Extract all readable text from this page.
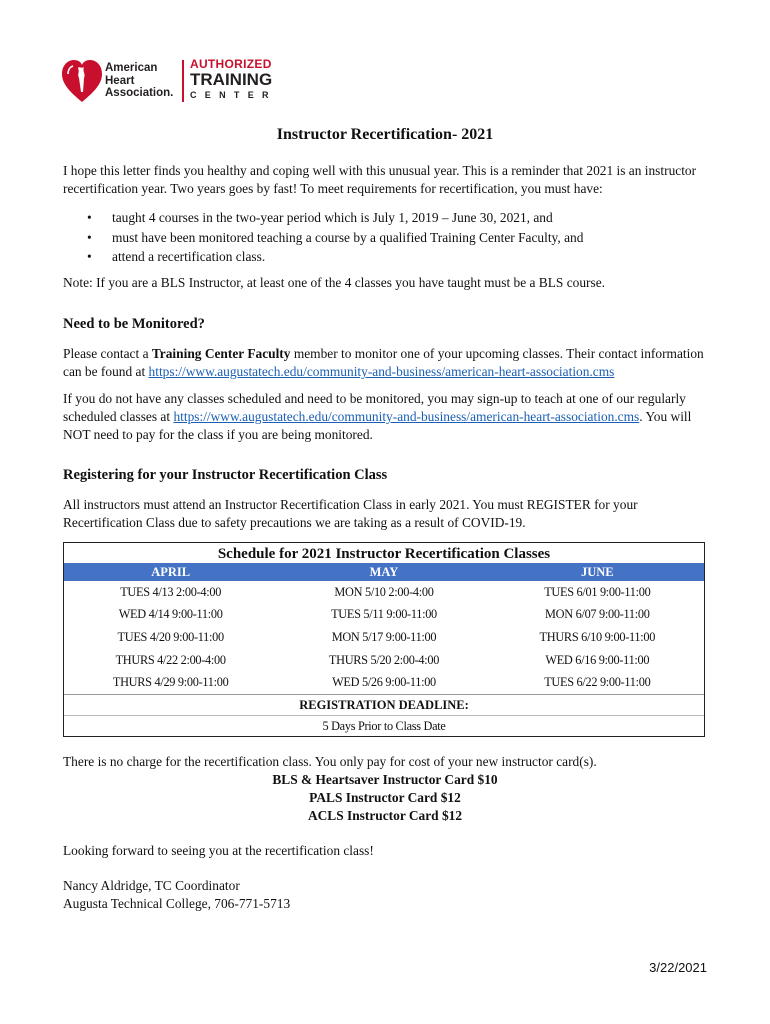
American
Heart
Association.
AUTHORIZED
TRAINING
CENTER
Instructor Recertification- 2021
I hope this letter finds you healthy and coping well with this unusual year. This is a reminder that 2021 is an instructor recertification year. Two years goes by fast! To meet requirements for recertification, you must have:
• taught 4 courses in the two-year period which is July 1, 2019 – June 30, 2021, and
• must have been monitored teaching a course by a qualified Training Center Faculty, and
• attend a recertification class.
Note: If you are a BLS Instructor, at least one of the 4 classes you have taught must be a BLS course.
Need to be Monitored?
Please contact a Training Center Faculty member to monitor one of your upcoming classes. Their contact information can be found at https://www.augustatech.edu/community-and-business/american-heart-association.cms
If you do not have any classes scheduled and need to be monitored, you may sign-up to teach at one of our regularly scheduled classes at https://www.augustatech.edu/community-and-business/american-heart-association.cms. You will NOT need to pay for the class if you are being monitored.
Registering for your Instructor Recertification Class
All instructors must attend an Instructor Recertification Class in early 2021. You must REGISTER for your Recertification Class due to safety precautions we are taking as a result of COVID-19.
Schedule for 2021 Instructor Recertification Classes
APRIL	MAY	JUNE
TUES 4/13 2:00-4:00	MON 5/10 2:00-4:00	TUES 6/01 9:00-11:00
WED 4/14 9:00-11:00	TUES 5/11 9:00-11:00	MON 6/07 9:00-11:00
TUES 4/20 9:00-11:00	MON 5/17 9:00-11:00	THURS 6/10 9:00-11:00
THURS 4/22 2:00-4:00	THURS 5/20 2:00-4:00	WED 6/16 9:00-11:00
THURS 4/29 9:00-11:00	WED 5/26 9:00-11:00	TUES 6/22 9:00-11:00
REGISTRATION DEADLINE:
5 Days Prior to Class Date
There is no charge for the recertification class. You only pay for cost of your new instructor card(s).
BLS & Heartsaver Instructor Card $10
PALS Instructor Card $12
ACLS Instructor Card $12
Looking forward to seeing you at the recertification class!
Nancy Aldridge, TC Coordinator
Augusta Technical College, 706-771-5713
3/22/2021
